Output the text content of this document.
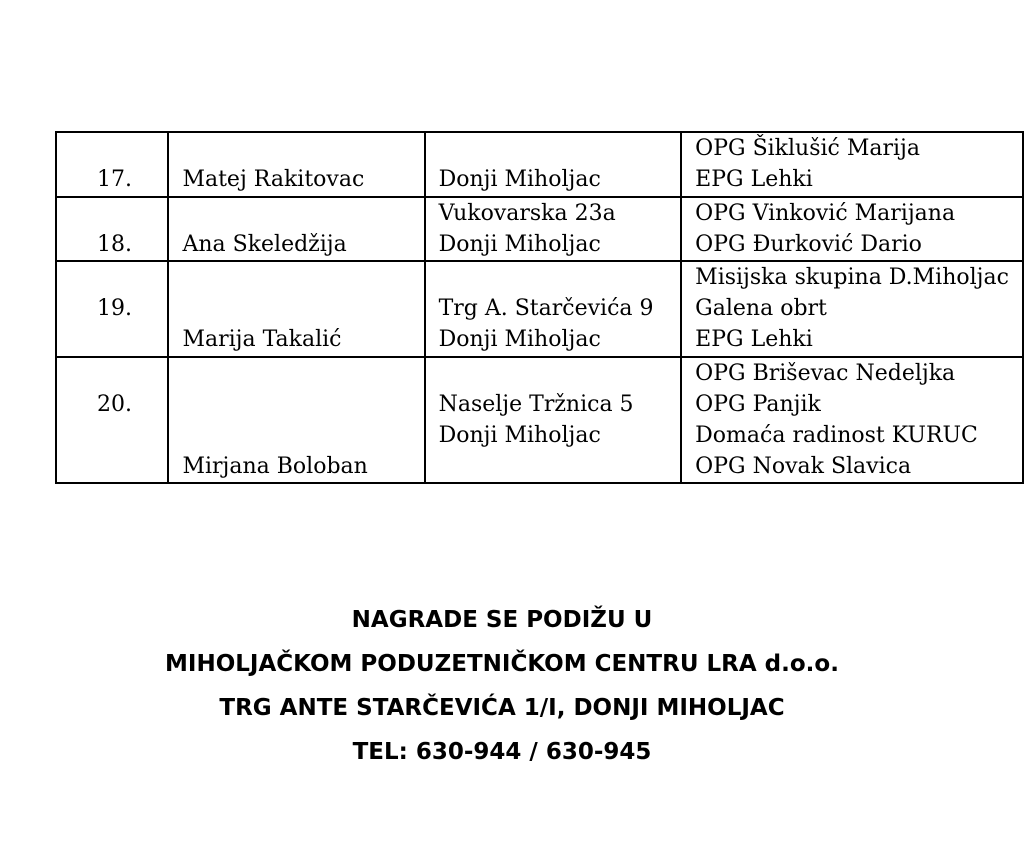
17.	Matej Rakitovac	Donji Miholjac	OPG Šiklušić Marija
EPG Lehki

18.	Ana Skeledžija	Vukovarska 23a
Donji Miholjac	OPG Vinković Marijana
OPG Đurković Dario

19.	Marija Takalić	Trg A. Starčevića 9
Donji Miholjac	Misijska skupina D.Miholjac
Galena obrt
EPG Lehki

20.	Mirjana Boloban	Naselje Tržnica 5
Donji Miholjac	OPG Briševac Nedeljka
OPG Panjik
Domaća radinost KURUC
OPG Novak Slavica
NAGRADE SE PODIŽU U
MIHOLJAČKOM PODUZETNIČKOM CENTRU LRA d.o.o.
TRG ANTE STARČEVIĆA 1/I, DONJI MIHOLJAC
TEL: 630-944 / 630-945
